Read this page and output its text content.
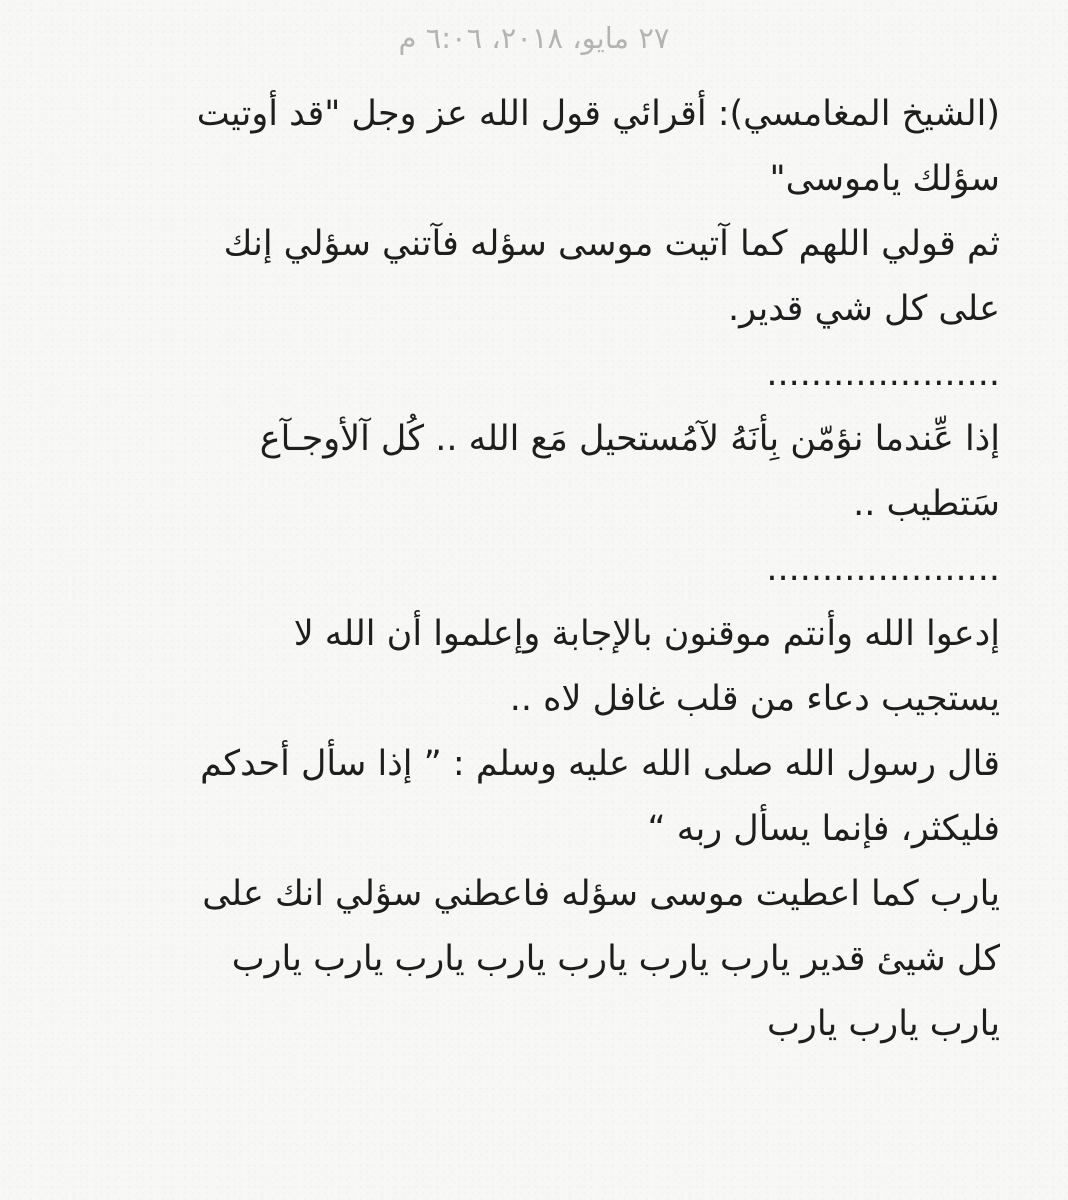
٢٧ مايو، ٢٠١٨، ٦:٠٦ م
(الشيخ المغامسي): أقرائي قول الله عز وجل "قد أوتيت
سؤلك ياموسى"
ثم قولي اللهم كما آتيت موسى سؤله فآتني سؤلي إنك
على كل شي قدير.
.....................
إذا عِّندما نؤمّن بِأنَهُ لآمُستحيل مَع الله .. كُل آلأوجـآع
سَتطيب ..
.....................
إدعوا الله وأنتم موقنون بالإجابة وإعلموا أن الله لا
يستجيب دعاء من قلب غافل لاه ..
قال رسول الله صلى الله عليه وسلم : ” إذا سأل أحدكم
فليكثر، فإنما يسأل ربه “
يارب كما اعطيت موسى سؤله فاعطني سؤلي انك على
كل شيئ قدير يارب يارب يارب يارب يارب يارب يارب
يارب يارب يارب
